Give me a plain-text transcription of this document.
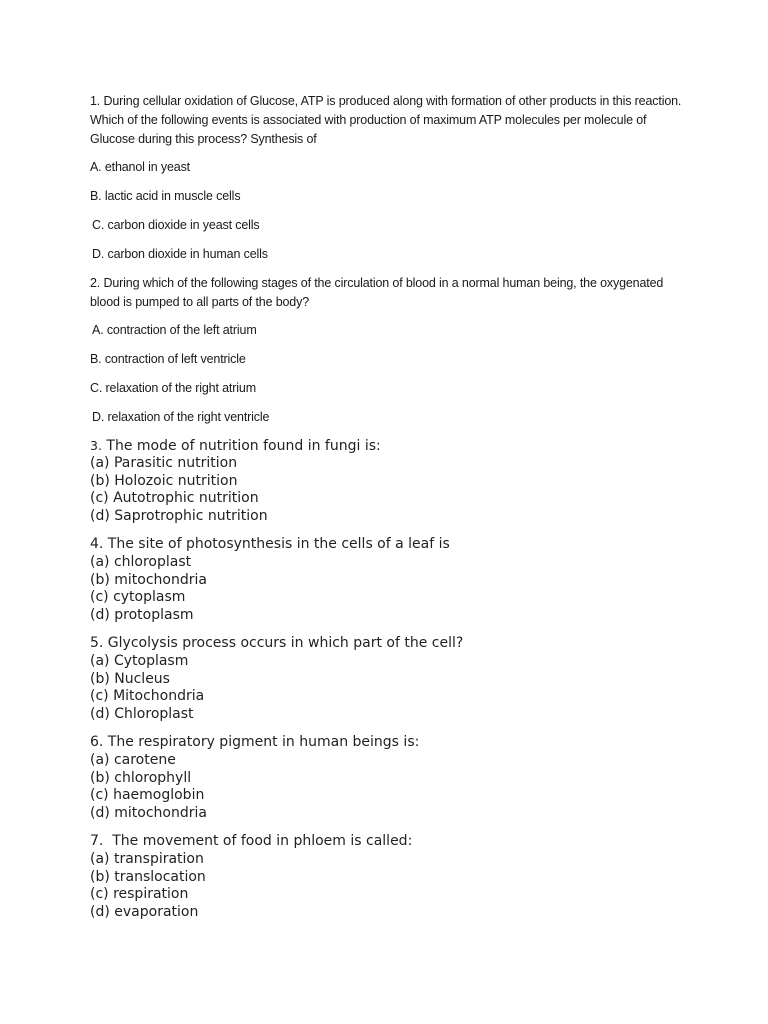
1. During cellular oxidation of Glucose, ATP is produced along with formation of other products in this reaction. Which of the following events is associated with production of maximum ATP molecules per molecule of Glucose during this process? Synthesis of

A. ethanol in yeast
B. lactic acid in muscle cells
C. carbon dioxide in yeast cells
D. carbon dioxide in human cells

2. During which of the following stages of the circulation of blood in a normal human being, the oxygenated blood is pumped to all parts of the body?

A. contraction of the left atrium
B. contraction of left ventricle
C. relaxation of the right atrium
D. relaxation of the right ventricle
3. The mode of nutrition found in fungi is:
(a) Parasitic nutrition
(b) Holozoic nutrition
(c) Autotrophic nutrition
(d) Saprotrophic nutrition
4. The site of photosynthesis in the cells of a leaf is
(a) chloroplast
(b) mitochondria
(c) cytoplasm
(d) protoplasm
5. Glycolysis process occurs in which part of the cell?
(a) Cytoplasm
(b) Nucleus
(c) Mitochondria
(d) Chloroplast
6. The respiratory pigment in human beings is:
(a) carotene
(b) chlorophyll
(c) haemoglobin
(d) mitochondria
7.  The movement of food in phloem is called:
(a) transpiration
(b) translocation
(c) respiration
(d) evaporation
